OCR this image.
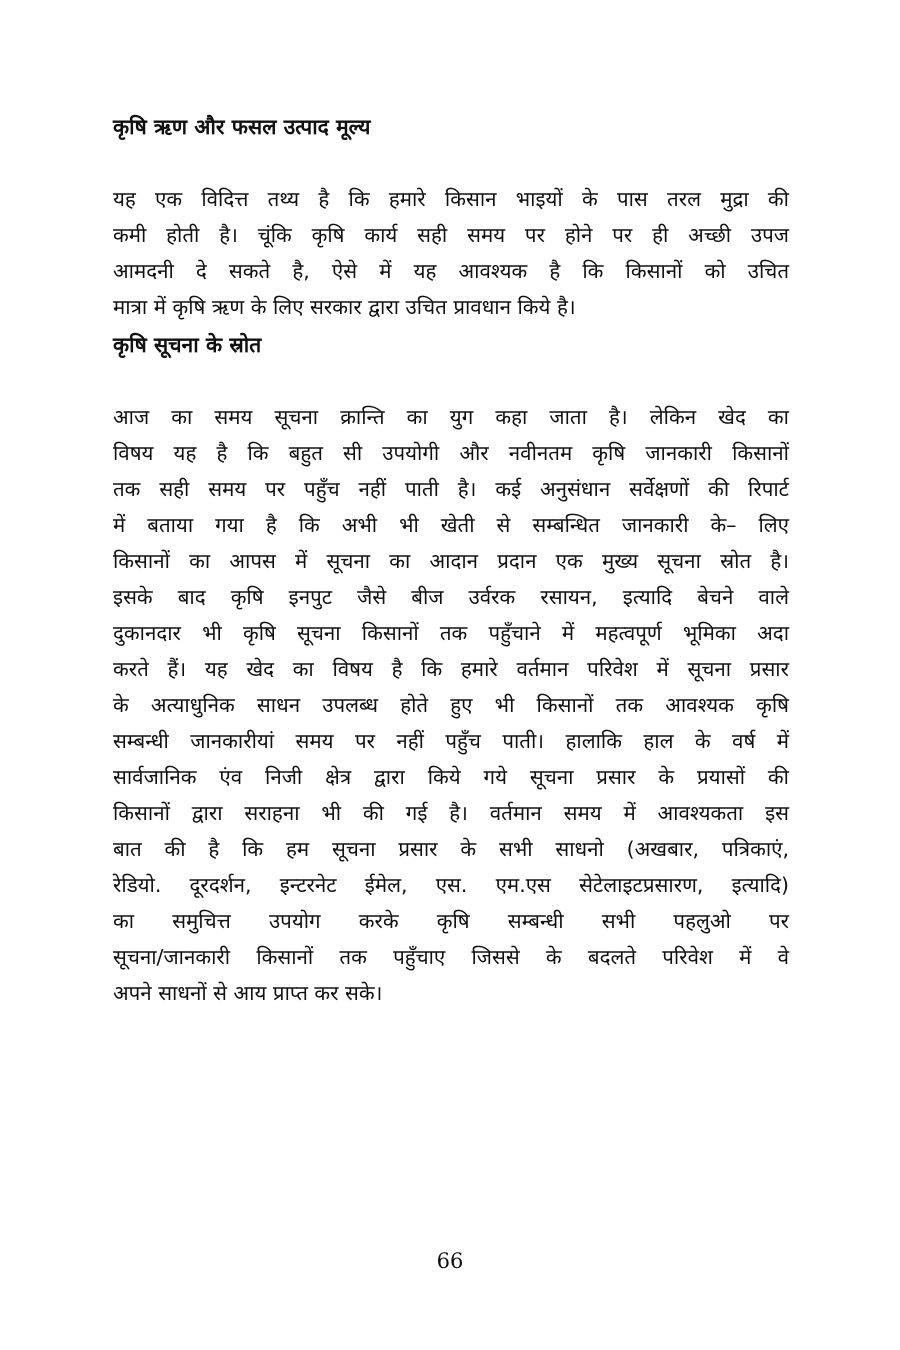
कृषि ऋण और फसल उत्पाद मूल्य
यह एक विदित्त तथ्य है कि हमारे किसान भाइयों के पास तरल मुद्रा की
कमी होती है। चूंकि कृषि कार्य सही समय पर होने पर ही अच्छी उपज
आमदनी दे सकते है, ऐसे में यह आवश्यक है कि किसानों को उचित
मात्रा में कृषि ऋण के लिए सरकार द्वारा उचित प्रावधान किये है।
कृषि सूचना के स्रोत
आज का समय सूचना क्रान्ति का युग कहा जाता है। लेकिन खेद का
विषय यह है कि बहुत सी उपयोगी और नवीनतम कृषि जानकारी किसानों
तक सही समय पर पहुँच नहीं पाती है। कई अनुसंधान सर्वेक्षणों की रिपार्ट
में बताया गया है कि अभी भी खेती से सम्बन्धित जानकारी के– लिए
किसानों का आपस में सूचना का आदान प्रदान एक मुख्य सूचना स्रोत है।
इसके बाद कृषि इनपुट जैसे बीज उर्वरक रसायन, इत्यादि बेचने वाले
दुकानदार भी कृषि सूचना किसानों तक पहुँचाने में महत्वपूर्ण भूमिका अदा
करते हैं। यह खेद का विषय है कि हमारे वर्तमान परिवेश में सूचना प्रसार
के अत्याधुनिक साधन उपलब्ध होते हुए भी किसानों तक आवश्यक कृषि
सम्बन्धी जानकारीयां समय पर नहीं पहुँच पाती। हालाकि हाल के वर्ष में
सार्वजानिक एंव निजी क्षेत्र द्वारा किये गये सूचना प्रसार के प्रयासों की
किसानों द्वारा सराहना भी की गई है। वर्तमान समय में आवश्यकता इस
बात की है कि हम सूचना प्रसार के सभी साधनो (अखबार, पत्रिकाएं,
रेडियो. दूरदर्शन, इन्टरनेट ईमेल, एस. एम.एस सेटेलाइटप्रसारण, इत्यादि)
का समुचित्त उपयोग करके कृषि सम्बन्धी सभी पहलुओ पर
सूचना/जानकारी किसानों तक पहुँचाए जिससे के बदलते परिवेश में वे
अपने साधनों से आय प्राप्त कर सके।
66
